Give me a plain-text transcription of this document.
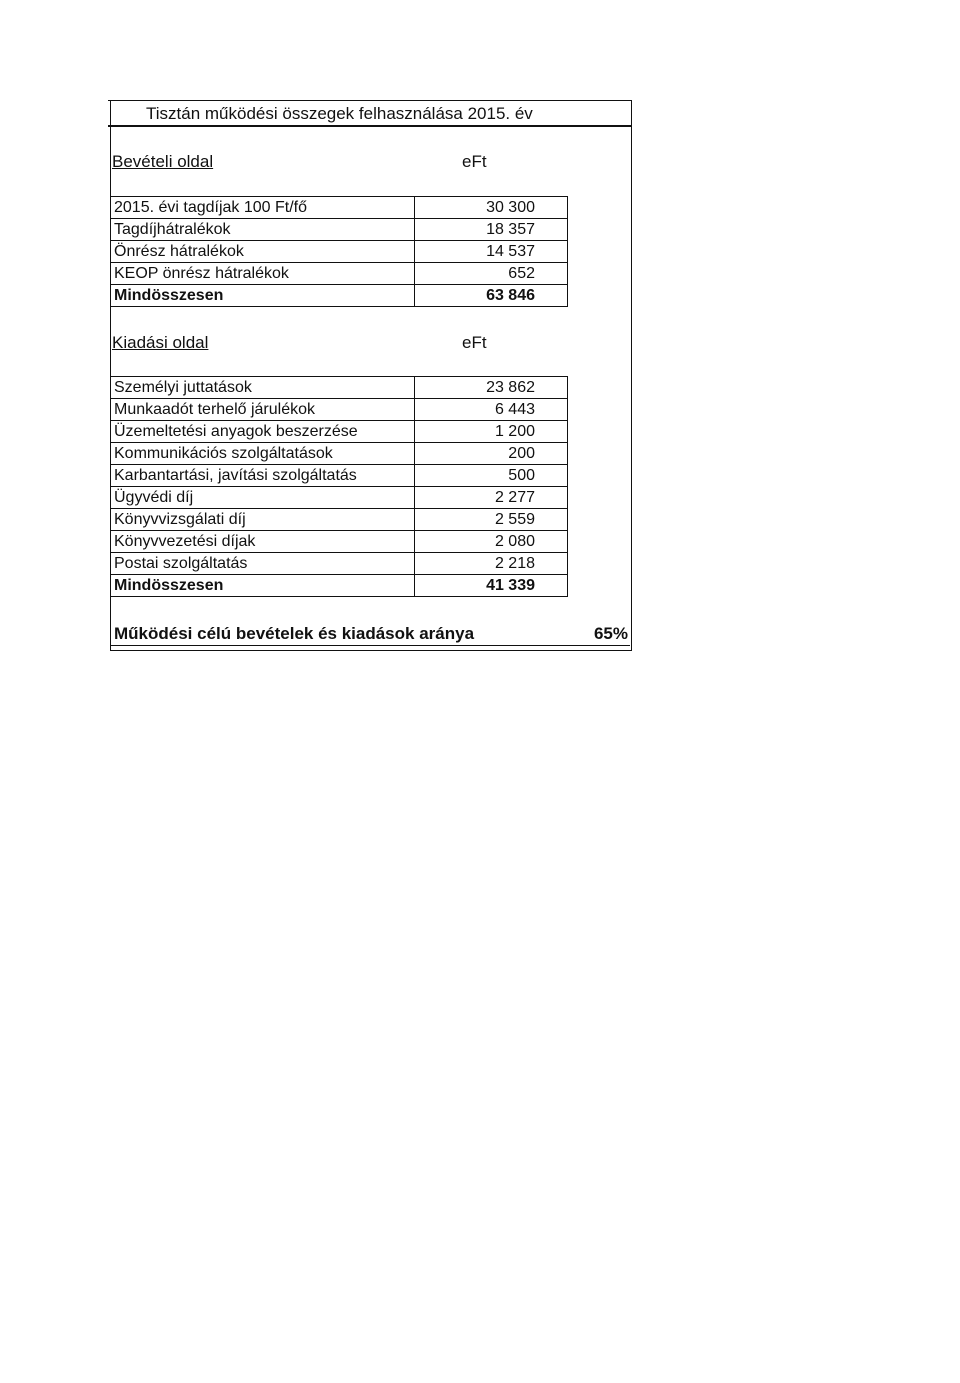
Tisztán működési összegek felhasználása 2015. év
Bevételi oldal	eFt
2015. évi tagdíjak 100 Ft/fő	30 300
Tagdíjhátralékok	18 357
Önrész hátralékok	14 537
KEOP önrész hátralékok	652
Mindösszesen	63 846
Kiadási oldal	eFt
Személyi juttatások	23 862
Munkaadót terhelő járulékok	6 443
Üzemeltetési anyagok beszerzése	1 200
Kommunikációs szolgáltatások	200
Karbantartási, javítási szolgáltatás	500
Ügyvédi díj	2 277
Könyvvizsgálati díj	2 559
Könyvvezetési díjak	2 080
Postai szolgáltatás	2 218
Mindösszesen	41 339
Működési célú bevételek és kiadások aránya	65%
